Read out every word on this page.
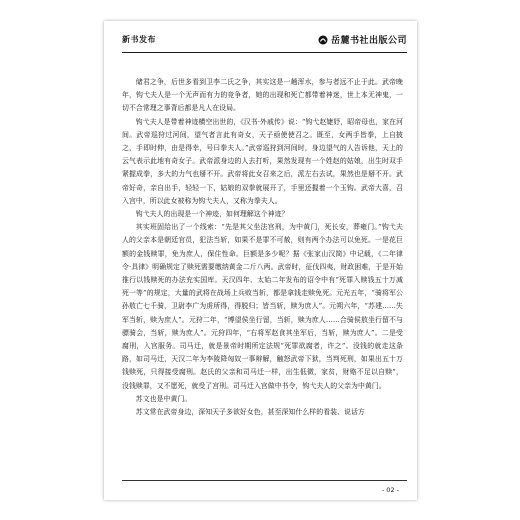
新书发布	岳麓书社出版公司

储君之争，后世多看到卫李二氏之争，其实这是一趟浑水，参与者远不止于此。武帝晚年，钩弋夫人是一个无声而有力的竞争者，她的出现和死亡都带着神迷，世上本无神鬼，一切不合常理之事背后都是凡人在设局。

钩弋夫人是带着神迹横空出世的，《汉书·外戚传》说：“钩弋赵婕妤，昭帝母也，家在河间。武帝巡狩过河间，望气者言此有奇女，天子亟使使召之。既至，女两手皆拳，上自披之，手即时伸，由是得幸，号曰拳夫人。”武帝巡狩到河间时，身边望气的人告诉他，天上的云气表示此地有奇女子。武帝派身边的人去打听，果然发现有一个姓赵的姑娘，出生时双手紧握成拳，多大的力气也掰不开。武帝将此女召来之后，派左右去试，果然也是掰不开。武帝好奇，亲自出手，轻轻一下，姑娘的双拳就展开了，手里还握着一个玉钩。武帝大喜，召入宫中，所以此女被称为钩弋夫人，又称为拳夫人。

钩弋夫人的出现是一个神迹，如何理解这个神迹？

其实班固给出了一个线索：“先是其父坐法宫刑，为中黄门，死长安，葬雍门。”钩弋夫人的父亲本是朝廷官员，犯法当斩，如果不是罪不可赦，则有两个办法可以免死。一是花巨额的金钱赎罪，免为庶人，保住性命。巨额是多少呢？据《张家山汉简》中记载，《二年律令·具律》明确规定了赎死需要缴纳黄金二斤八两。武帝时，征伐四夷，财政困难，于是开始推行以钱赎死的办法充实国库。天汉四年、太始二年发布的诏令中有“死罪入赎钱五十万减死一等”的规定，大量的武将在战场上兵败当斩，都是拿钱走赎免死。元光五年，“骑将军公孙敖亡七千骑，卫尉李广为虏所得，得脱归；皆当斩，赎为庶人”。元朔六年，“苏建……失军当斩，赎为庶人”。元狩二年，“博望侯坐行留，当斩，赎为庶人……合骑侯敖坐行留不与骠骑会，当斩，赎为庶人”。元狩四年，“右将军赵食其坐军后，当斩，赎为庶人”。二是受腐刑，入宫服务。司马迁，就是景帝时期所定法规“死罪欲腐者，许之”。没钱的就走这条路，如司马迁，天汉二年为李陵降匈奴一事辩解，触怒武帝下狱，当判死刑，如果出五十万钱赎死，只得接受腐刑。赵氏的父亲和司马迁一样，出生低微，家贫，财赂不足以自赎”，没钱赎罪，又不愿死，就受了宫刑。司马迁入宫做中书令，钩弋夫人的父亲为中黄门。

苏文也是中黄门。

苏文常在武帝身边，深知天子多欲好女色，甚至深知什么样的看装、说话方

- 02 -
